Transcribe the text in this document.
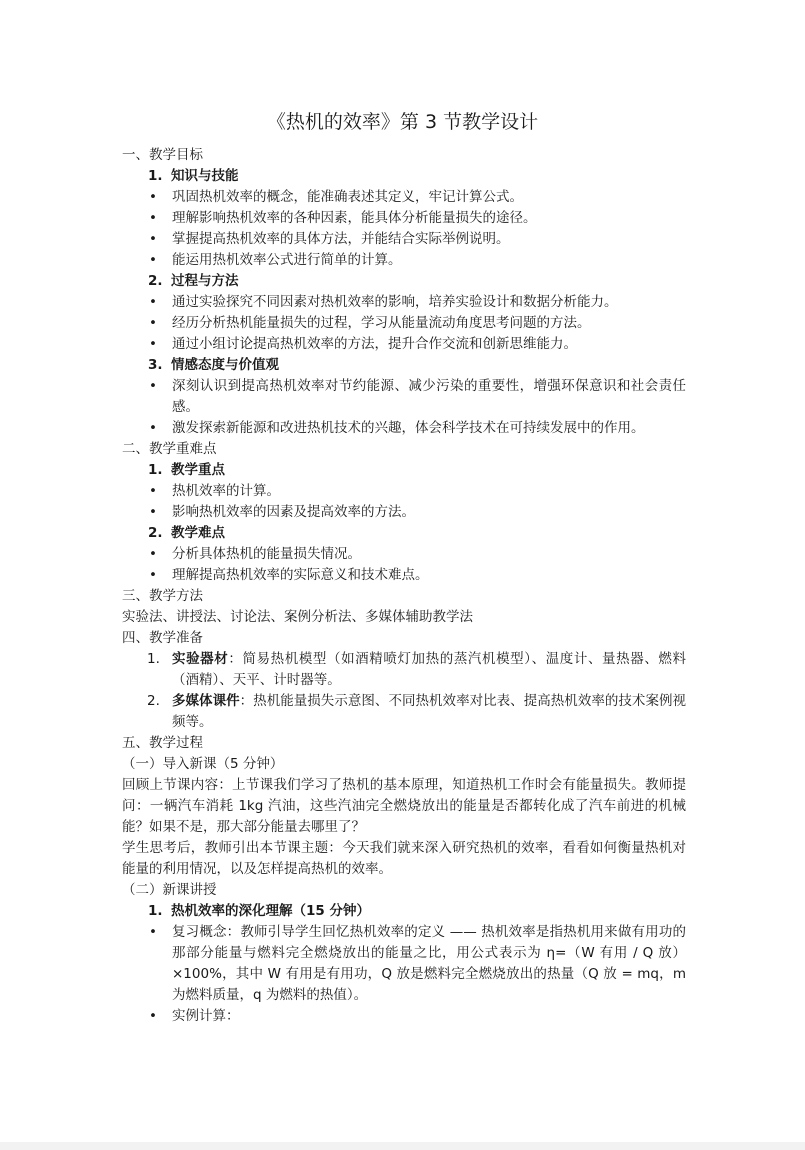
《热机的效率》第 3 节教学设计

一、教学目标

1. 知识与技能

• 巩固热机效率的概念，能准确表述其定义，牢记计算公式。

• 理解影响热机效率的各种因素，能具体分析能量损失的途径。

• 掌握提高热机效率的具体方法，并能结合实际举例说明。

• 能运用热机效率公式进行简单的计算。

2. 过程与方法

• 通过实验探究不同因素对热机效率的影响，培养实验设计和数据分析能力。

• 经历分析热机能量损失的过程，学习从能量流动角度思考问题的方法。

• 通过小组讨论提高热机效率的方法，提升合作交流和创新思维能力。

3. 情感态度与价值观

• 深刻认识到提高热机效率对节约能源、减少污染的重要性，增强环保意识和社会责任感。

• 激发探索新能源和改进热机技术的兴趣，体会科学技术在可持续发展中的作用。

二、教学重难点

1. 教学重点

• 热机效率的计算。

• 影响热机效率的因素及提高效率的方法。

2. 教学难点

• 分析具体热机的能量损失情况。

• 理解提高热机效率的实际意义和技术难点。

三、教学方法

实验法、讲授法、讨论法、案例分析法、多媒体辅助教学法

四、教学准备

1. 实验器材：简易热机模型（如酒精喷灯加热的蒸汽机模型）、温度计、量热器、燃料（酒精）、天平、计时器等。

2. 多媒体课件：热机能量损失示意图、不同热机效率对比表、提高热机效率的技术案例视频等。

五、教学过程

（一）导入新课（5 分钟）

回顾上节课内容：上节课我们学习了热机的基本原理，知道热机工作时会有能量损失。教师提问：一辆汽车消耗 1kg 汽油，这些汽油完全燃烧放出的能量是否都转化成了汽车前进的机械能？如果不是，那大部分能量去哪里了？

学生思考后，教师引出本节课主题：今天我们就来深入研究热机的效率，看看如何衡量热机对能量的利用情况，以及怎样提高热机的效率。

（二）新课讲授

1. 热机效率的深化理解（15 分钟）

• 复习概念：教师引导学生回忆热机效率的定义 —— 热机效率是指热机用来做有用功的那部分能量与燃料完全燃烧放出的能量之比，用公式表示为 η=（W 有用 / Q 放）×100%，其中 W 有用是有用功，Q 放是燃料完全燃烧放出的热量（Q 放 = mq，m 为燃料质量，q 为燃料的热值）。

• 实例计算：
